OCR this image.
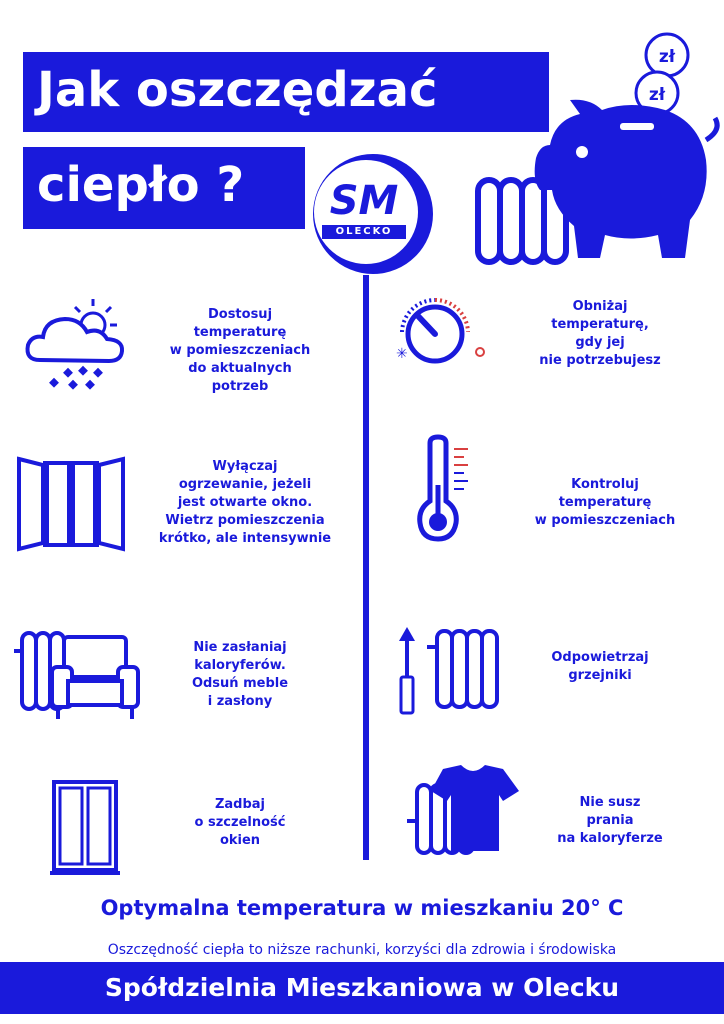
Jak oszczędzać
ciepło ?
zł
zł
SM
OLECKO
✳
Dostosuj
temperaturę
w pomieszczeniach
do aktualnych
potrzeb
Wyłączaj
ogrzewanie, jeżeli
jest otwarte okno.
Wietrz pomieszczenia
krótko, ale intensywnie
Nie zasłaniaj
kaloryferów.
Odsuń meble
i zasłony
Zadbaj
o szczelność
okien
Obniżaj
temperaturę,
gdy jej
nie potrzebujesz
Kontroluj
temperaturę
w pomieszczeniach
Odpowietrzaj
grzejniki
Nie susz
prania
na kaloryferze
Optymalna temperatura w mieszkaniu 20° C
Oszczędność ciepła to niższe rachunki, korzyści dla zdrowia i środowiska
Spółdzielnia Mieszkaniowa w Olecku
